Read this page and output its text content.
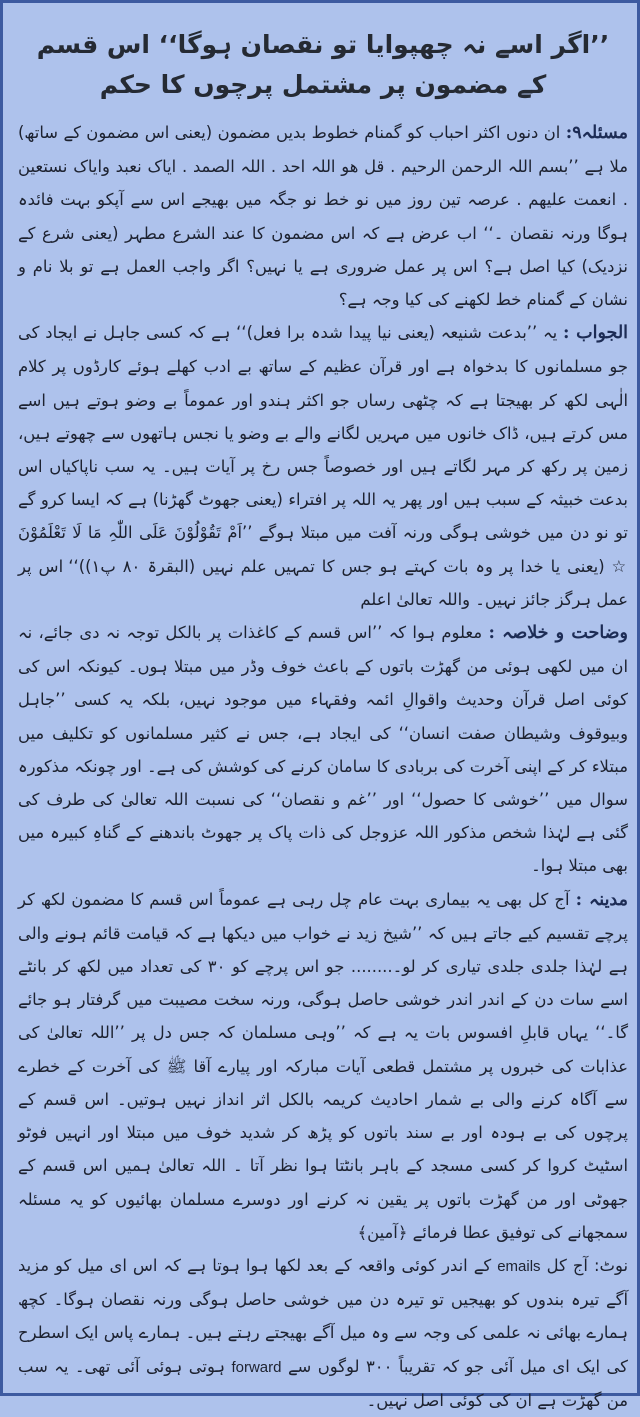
’’اگر اسے نہ چھپوایا تو نقصان ہوگا‘‘ اس قسم کے مضمون پر مشتمل پرچوں کا حکم

مسئلہ۹: ان دنوں اکثر احباب کو گمنام خطوط بدیں مضمون (یعنی اس مضمون کے ساتھ) ملا ہے ’’بسم اللہ الرحمن الرحیم . قل ھو اللہ احد . اللہ الصمد . ایاک نعبد وایاک نستعین . انعمت علیھم . عرصہ تین روز میں نو خط نو جگہ میں بھیجے اس سے آپکو بہت فائدہ ہوگا ورنہ نقصان ۔‘‘ اب عرض ہے کہ اس مضمون کا عند الشرع مطہر (یعنی شرع کے نزدیک) کیا اصل ہے؟ اس پر عمل ضروری ہے یا نہیں؟ اگر واجب العمل ہے تو بلا نام و نشان کے گمنام خط لکھنے کی کیا وجہ ہے؟

الجواب : یہ ’’بدعت شنیعہ (یعنی نیا پیدا شدہ برا فعل)‘‘ ہے کہ کسی جاہل نے ایجاد کی جو مسلمانوں کا بدخواہ ہے اور قرآن عظیم کے ساتھ بے ادب کھلے ہوئے کارڈوں پر کلام الٰہی لکھ کر بھیجتا ہے کہ چٹھی رساں جو اکثر ہندو اور عموماً بے وضو ہوتے ہیں اسے مس کرتے ہیں، ڈاک خانوں میں مہریں لگانے والے بے وضو یا نجس ہاتھوں سے چھوتے ہیں، زمین پر رکھ کر مہر لگاتے ہیں اور خصوصاً جس رخ پر آیات ہیں۔ یہ سب ناپاکیاں اس بدعت خبیثہ کے سبب ہیں اور پھر یہ اللہ پر افتراء (یعنی جھوٹ گھڑنا) ہے کہ ایسا کرو گے تو نو دن میں خوشی ہوگی ورنہ آفت میں مبتلا ہوگے ’’اَمْ تَقُوْلُوْنَ عَلَی اللّٰہِ مَا لَا تَعْلَمُوْنَ ☆ (یعنی یا خدا پر وہ بات کہتے ہو جس کا تمہیں علم نہیں (البقرۃ ۸۰ پ۱))‘‘ اس پر عمل ہرگز جائز نہیں۔ واللہ تعالیٰ اعلم

وضاحت و خلاصہ : معلوم ہوا کہ ’’اس قسم کے کاغذات پر بالکل توجہ نہ دی جائے، نہ ان میں لکھی ہوئی من گھڑت باتوں کے باعث خوف وڈر میں مبتلا ہوں۔ کیونکہ اس کی کوئی اصل قرآن وحدیث واقوالِ ائمہ وفقہاء میں موجود نہیں، بلکہ یہ کسی ’’جاہل وبیوقوف وشیطان صفت انسان‘‘ کی ایجاد ہے، جس نے کثیر مسلمانوں کو تکلیف میں مبتلاء کر کے اپنی آخرت کی بربادی کا سامان کرنے کی کوشش کی ہے۔ اور چونکہ مذکورہ سوال میں ’’خوشی کا حصول‘‘ اور ’’غم و نقصان‘‘ کی نسبت اللہ تعالیٰ کی طرف کی گئی ہے لہٰذا شخص مذکور اللہ عزوجل کی ذات پاک پر جھوٹ باندھنے کے گناہِ کبیرہ میں بھی مبتلا ہوا۔

مدینہ : آج کل بھی یہ بیماری بہت عام چل رہی ہے عموماً اس قسم کا مضمون لکھ کر پرچے تقسیم کیے جاتے ہیں کہ ’’شیخ زید نے خواب میں دیکھا ہے کہ قیامت قائم ہونے والی ہے لہٰذا جلدی جلدی تیاری کر لو۔........ جو اس پرچے کو ۳۰ کی تعداد میں لکھ کر بانٹے اسے سات دن کے اندر اندر خوشی حاصل ہوگی، ورنہ سخت مصیبت میں گرفتار ہو جائے گا۔‘‘ یہاں قابلِ افسوس بات یہ ہے کہ ’’وہی مسلمان کہ جس دل پر ’’اللہ تعالیٰ کی عذابات کی خبروں پر مشتمل قطعی آیات مبارکہ اور پیارے آقا ﷺ کی آخرت کے خطرے سے آگاہ کرنے والی بے شمار احادیث کریمہ بالکل اثر انداز نہیں ہوتیں۔ اس قسم کے پرچوں کی بے ہودہ اور بے سند باتوں کو پڑھ کر شدید خوف میں مبتلا اور انہیں فوٹو اسٹیٹ کروا کر کسی مسجد کے باہر بانٹتا ہوا نظر آتا ۔ اللہ تعالیٰ ہمیں اس قسم کے جھوٹی اور من گھڑت باتوں پر یقین نہ کرنے اور دوسرے مسلمان بھائیوں کو یہ مسئلہ سمجھانے کی توفیق عطا فرمائے ﴿آمین﴾

نوٹ: آج کل emails کے اندر کوئی واقعہ کے بعد لکھا ہوا ہوتا ہے کہ اس ای میل کو مزید آگے تیرہ بندوں کو بھیجیں تو تیرہ دن میں خوشی حاصل ہوگی ورنہ نقصان ہوگا۔ کچھ ہمارے بھائی نہ علمی کی وجہ سے وہ میل آگے بھیجتے رہتے ہیں۔ ہمارے پاس ایک اسطرح کی ایک ای میل آئی جو کہ تقریباً ۳۰۰ لوگوں سے forward ہوتی ہوئی آئی تھی۔ یہ سب من گھڑت ہے ان کی کوئی اصل نہیں۔
